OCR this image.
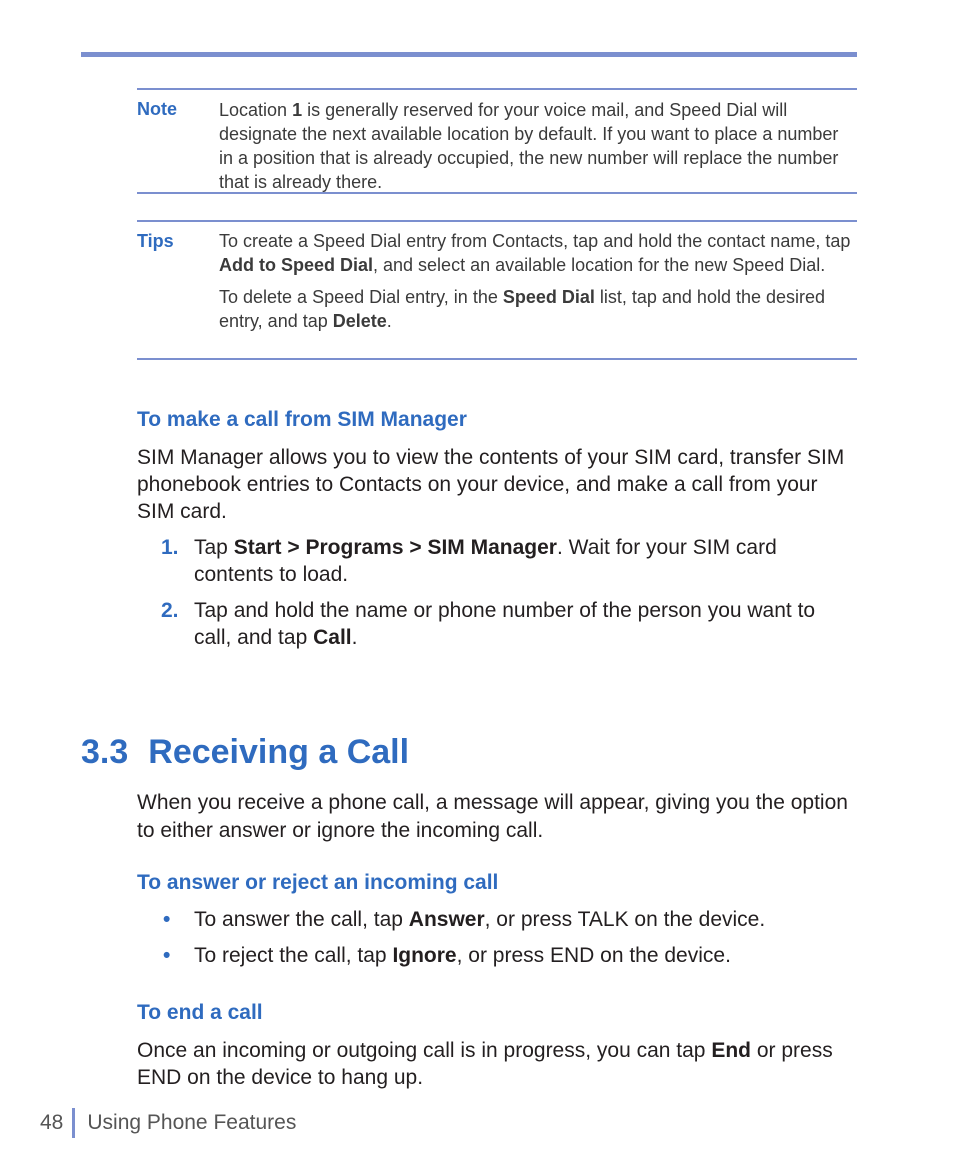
Note Location 1 is generally reserved for your voice mail, and Speed Dial will designate the next available location by default. If you want to place a number in a position that is already occupied, the new number will replace the number that is already there.
Tips	To create a Speed Dial entry from Contacts, tap and hold the contact name, tap Add to Speed Dial, and select an available location for the new Speed Dial.
To delete a Speed Dial entry, in the Speed Dial list, tap and hold the desired entry, and tap Delete.
To make a call from SIM Manager

SIM Manager allows you to view the contents of your SIM card, transfer SIM phonebook entries to Contacts on your device, and make a call from your SIM card.

1. Tap Start > Programs > SIM Manager. Wait for your SIM card contents to load.
2. Tap and hold the name or phone number of the person you want to call, and tap Call.
3.3 Receiving a Call

When you receive a phone call, a message will appear, giving you the option to either answer or ignore the incoming call.

To answer or reject an incoming call
• To answer the call, tap Answer, or press TALK on the device.
• To reject the call, tap Ignore, or press END on the device.
To end a call

Once an incoming or outgoing call is in progress, you can tap End or press END on the device to hang up.

48 Using Phone Features
